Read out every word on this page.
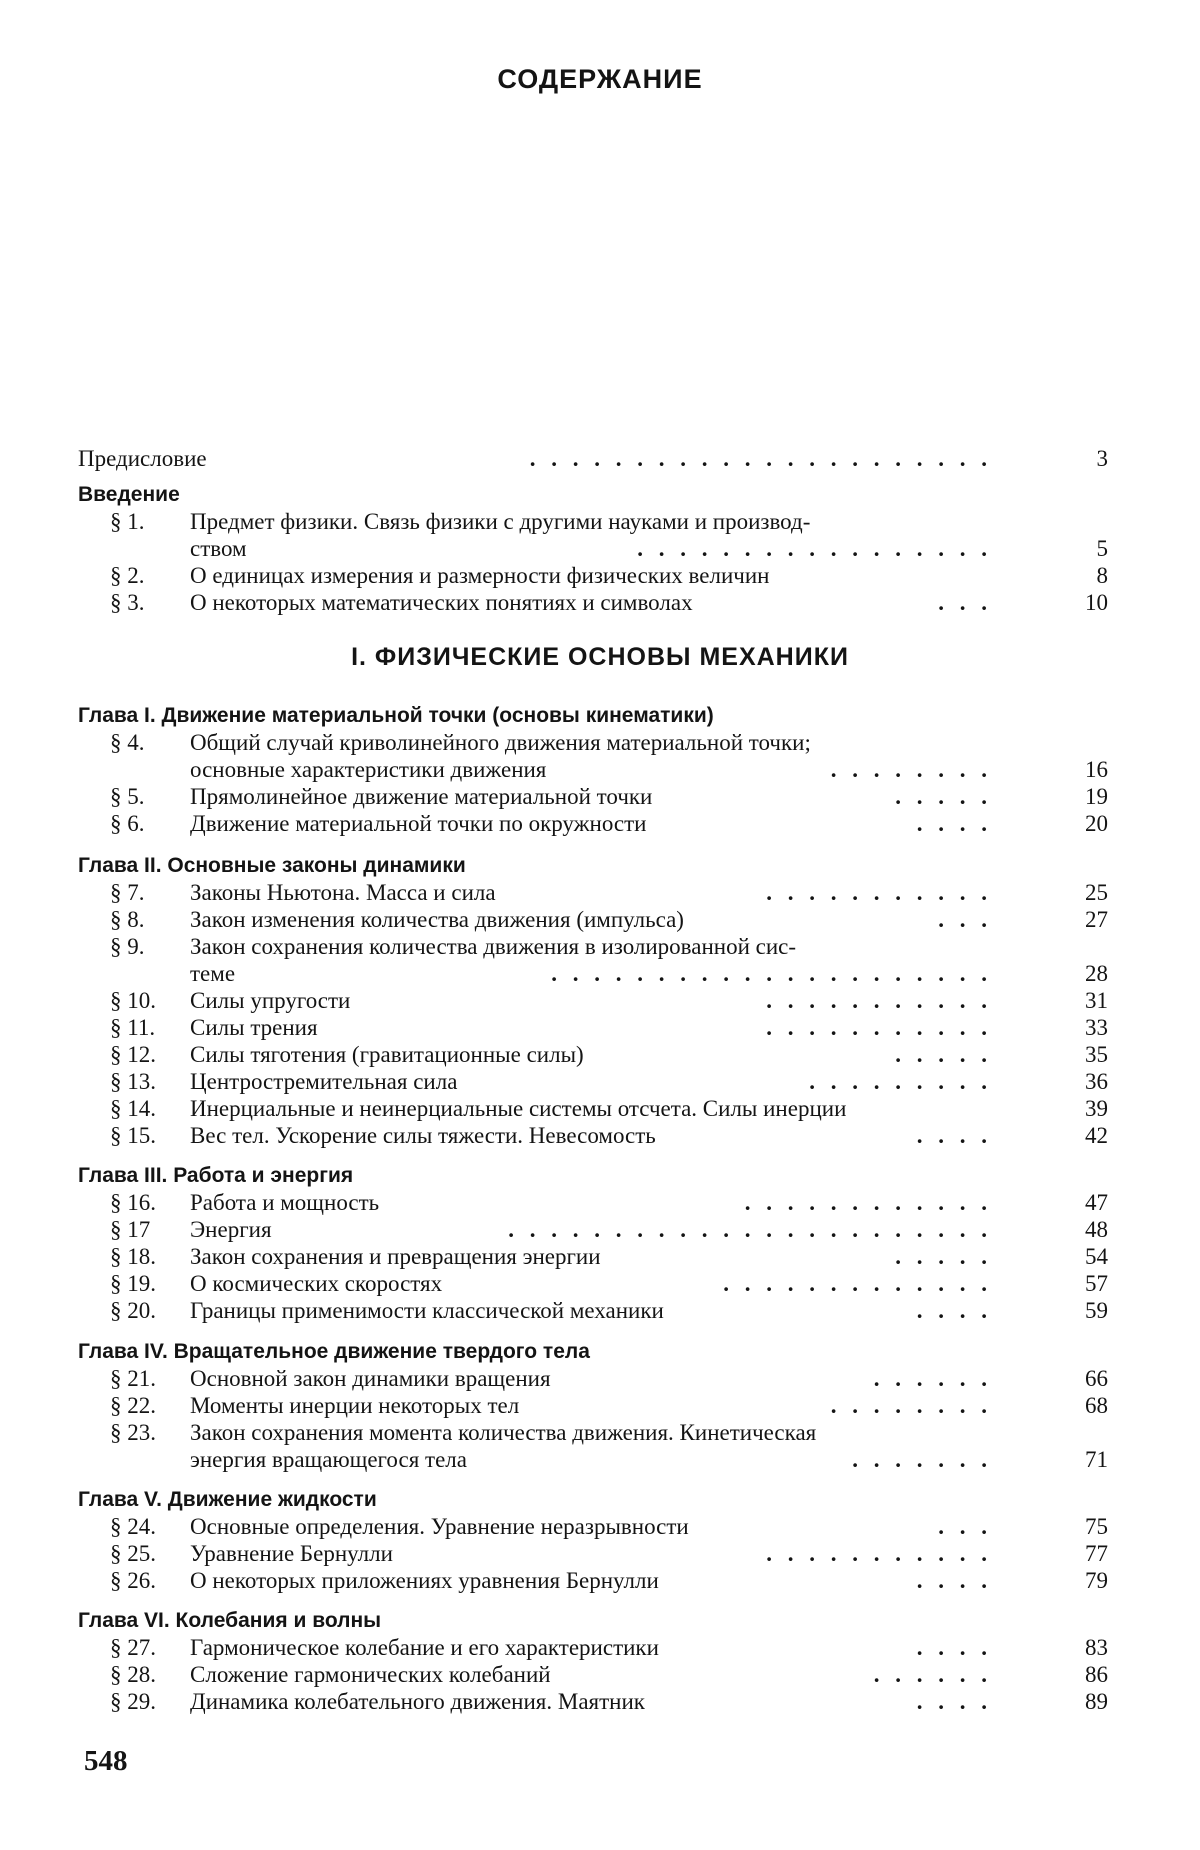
СОДЕРЖАНИЕ
Предисловие	. . . . . . . . . . . . . . . . . . . . . .	3
Введение
§ 1.	Предмет физики. Связь физики с другими науками и производ-
ством	. . . . . . . . . . . . . . . . .	5
§ 2.	О единицах измерения и размерности физических величин	8
§ 3.	О некоторых математических понятиях и символах	. . .	10
I. ФИЗИЧЕСКИЕ ОСНОВЫ МЕХАНИКИ
Глава I. Движение материальной точки (основы кинематики)
§ 4.	Общий случай криволинейного движения материальной точки;
основные характеристики движения	. . . . . . . .	16
§ 5.	Прямолинейное движение материальной точки	. . . . .	19
§ 6.	Движение материальной точки по окружности	. . . .	20
Глава II. Основные законы динамики
§ 7.	Законы Ньютона. Масса и сила	. . . . . . . . . . .	25
§ 8.	Закон изменения количества движения (импульса)	. . .	27
§ 9.	Закон сохранения количества движения в изолированной сис-
теме	. . . . . . . . . . . . . . . . . . . . .	28
§ 10.	Силы упругости	. . . . . . . . . . .	31
§ 11.	Силы трения	. . . . . . . . . . .	33
§ 12.	Силы тяготения (гравитационные силы)	. . . . .	35
§ 13.	Центростремительная сила	. . . . . . . . .	36
§ 14.	Инерциальные и неинерциальные системы отсчета. Силы инерции	39
§ 15.	Вес тел. Ускорение силы тяжести. Невесомость	. . . .	42
Глава III. Работа и энергия
§ 16.	Работа и мощность	. . . . . . . . . . . .	47
§ 17	Энергия	. . . . . . . . . . . . . . . . . . . . . . .	48
§ 18.	Закон сохранения и превращения энергии	. . . . .	54
§ 19.	О космических скоростях	. . . . . . . . . . . . .	57
§ 20.	Границы применимости классической механики	. . . .	59
Глава IV. Вращательное движение твердого тела
§ 21.	Основной закон динамики вращения	. . . . . .	66
§ 22.	Моменты инерции некоторых тел	. . . . . . . .	68
§ 23.	Закон сохранения момента количества движения. Кинетическая
энергия вращающегося тела	. . . . . . .	71
Глава V. Движение жидкости
§ 24.	Основные определения. Уравнение неразрывности	. . .	75
§ 25.	Уравнение Бернулли	. . . . . . . . . . .	77
§ 26.	О некоторых приложениях уравнения Бернулли	. . . .	79
Глава VI. Колебания и волны
§ 27.	Гармоническое колебание и его характеристики	. . . .	83
§ 28.	Сложение гармонических колебаний	. . . . . .	86
§ 29.	Динамика колебательного движения. Маятник	. . . .	89
548
